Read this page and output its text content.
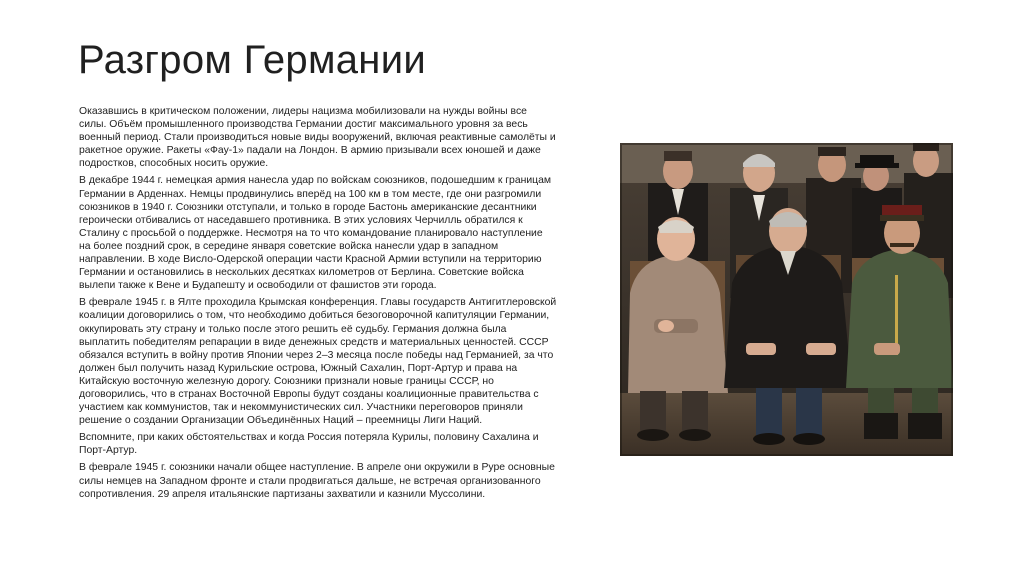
Разгром Германии

Оказавшись в критическом положении, лидеры нацизма мобилизовали на нужды войны все силы. Объём промышленного производства Германии достиг максимального уровня за весь военный период. Стали производиться новые виды вооружений, включая реактивные самолёты и ракетное оружие. Ракеты «Фау-1» падали на Лондон. В армию призывали всех юношей и даже подростков, способных носить оружие.

В декабре 1944 г. немецкая армия нанесла удар по войскам союзников, подошедшим к границам Германии в Арденнах. Немцы продвинулись вперёд на 100 км в том месте, где они разгромили союзников в 1940 г. Союзники отступали, и только в городе Бастонь американские десантники героически отбивались от наседавшего противника. В этих условиях Черчилль обратился к Сталину с просьбой о поддержке. Несмотря на то что командование планировало наступление на более поздний срок, в середине января советские войска нанесли удар в западном направлении. В ходе Висло-Одерской операции части Красной Армии вступили на территорию Германии и остановились в нескольких десятках километров от Берлина. Советские войска вылепи также к Вене и Будапешту и освободили от фашистов эти города.

В феврале 1945 г. в Ялте проходила Крымская конференция. Главы государств Антигитлеровской коалиции договорились о том, что необходимо добиться безоговорочной капитуляции Германии, оккупировать эту страну и только после этого решить её судьбу. Германия должна была выплатить победителям репарации в виде денежных средств и материальных ценностей. СССР обязался вступить в войну против Японии через 2–3 месяца после победы над Германией, за что должен был получить назад Курильские острова, Южный Сахалин, Порт-Артур и права на Китайскую восточную железную дорогу. Союзники признали новые границы СССР, но договорились, что в странах Восточной Европы будут созданы коалиционные правительства с участием как коммунистов, так и некоммунистических сил. Участники переговоров приняли решение о создании Организации Объединённых Наций – преемницы Лиги Наций.

Вспомните, при каких обстоятельствах и когда Россия потеряла Курилы, половину Сахалина и Порт-Артур.

В феврале 1945 г. союзники начали общее наступление. В апреле они окружили в Руре основные силы немцев на Западном фронте и стали продвигаться дальше, не встречая организованного сопротивления. 29 апреля итальянские партизаны захватили и казнили Муссолини.
